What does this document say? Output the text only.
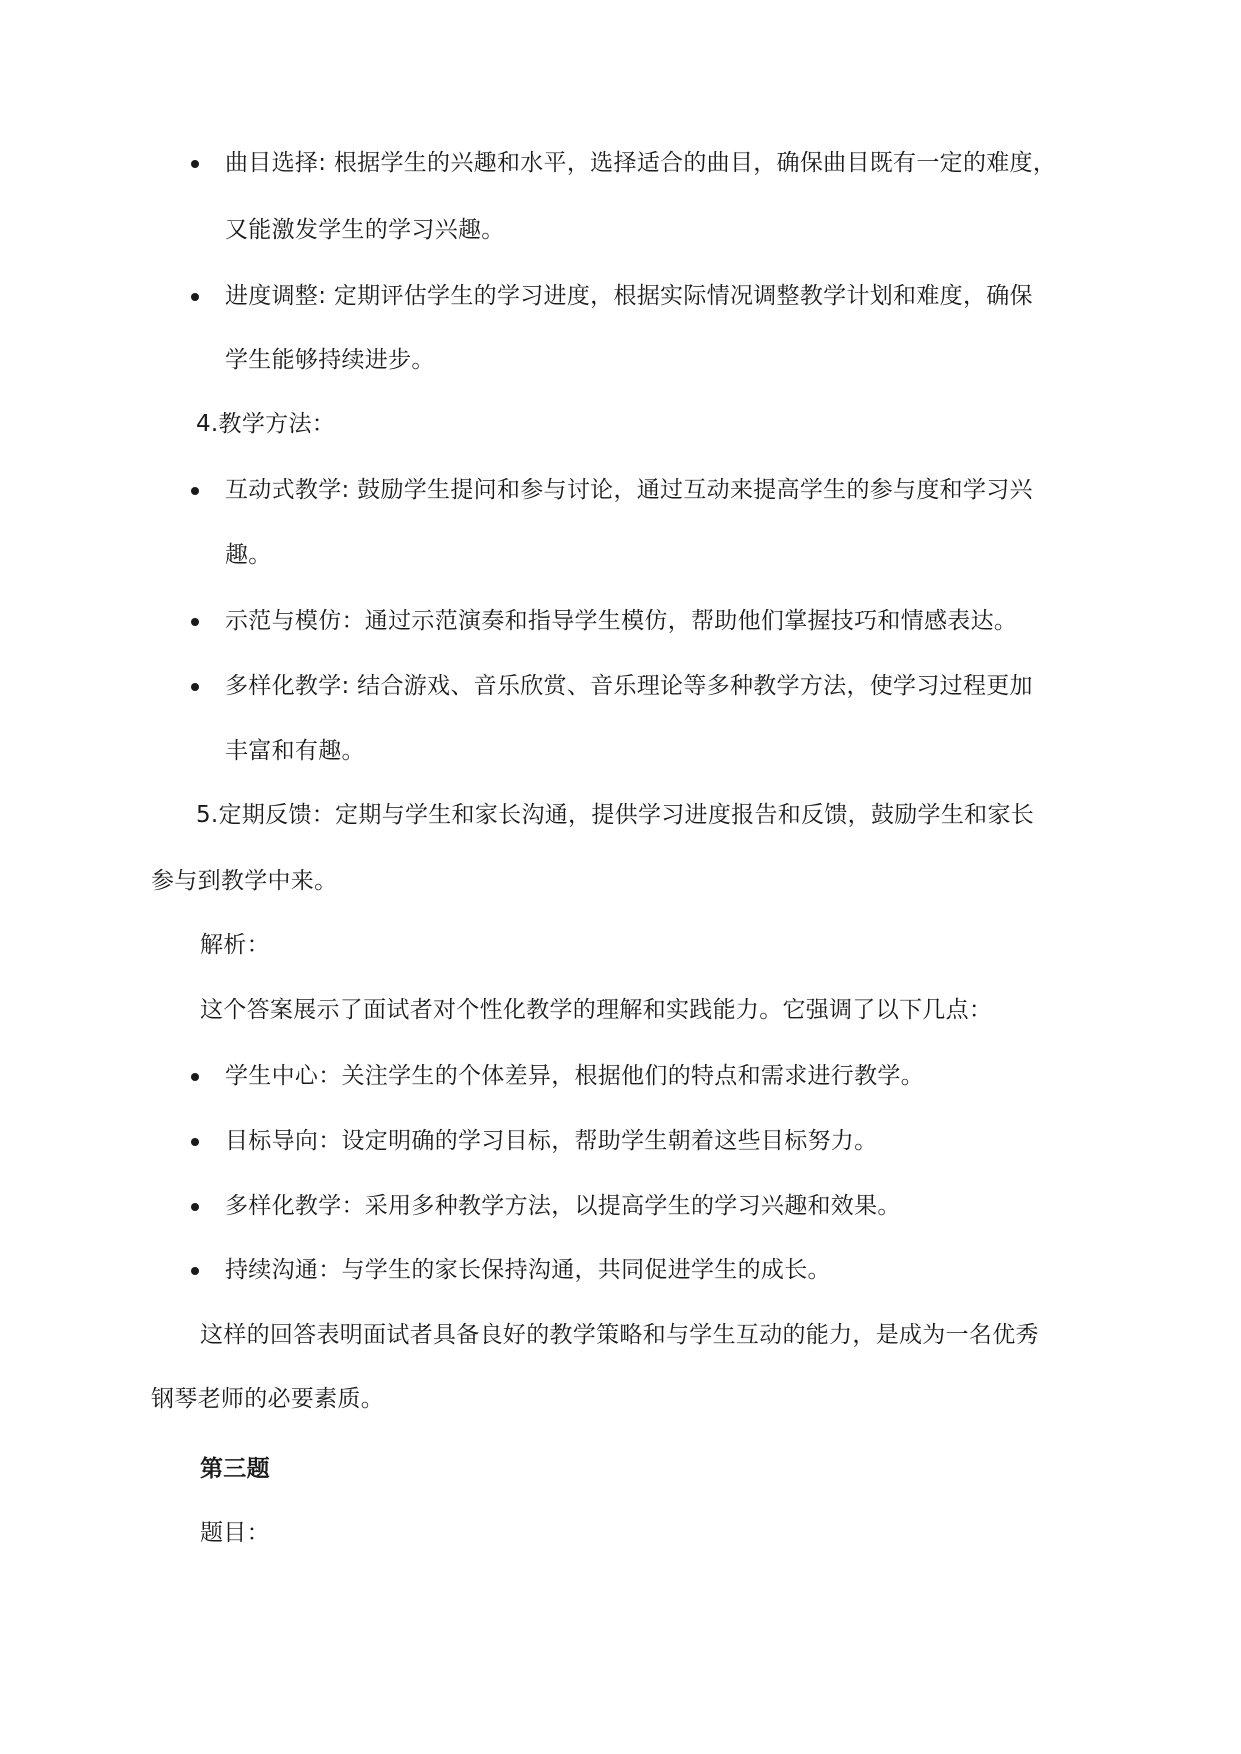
曲目选择: 根据学生的兴趣和水平，选择适合的曲目，确保曲目既有一定的难度，
又能激发学生的学习兴趣。
进度调整: 定期评估学生的学习进度，根据实际情况调整教学计划和难度，确保
学生能够持续进步。
4.教学方法：
互动式教学: 鼓励学生提问和参与讨论，通过互动来提高学生的参与度和学习兴
趣。
示范与模仿：通过示范演奏和指导学生模仿，帮助他们掌握技巧和情感表达。
多样化教学: 结合游戏、音乐欣赏、音乐理论等多种教学方法，使学习过程更加
丰富和有趣。
5.定期反馈：定期与学生和家长沟通，提供学习进度报告和反馈，鼓励学生和家长
参与到教学中来。
解析：
这个答案展示了面试者对个性化教学的理解和实践能力。它强调了以下几点：
学生中心：关注学生的个体差异，根据他们的特点和需求进行教学。
目标导向：设定明确的学习目标，帮助学生朝着这些目标努力。
多样化教学：采用多种教学方法，以提高学生的学习兴趣和效果。
持续沟通：与学生的家长保持沟通，共同促进学生的成长。
这样的回答表明面试者具备良好的教学策略和与学生互动的能力，是成为一名优秀
钢琴老师的必要素质。
第三题
题目：
